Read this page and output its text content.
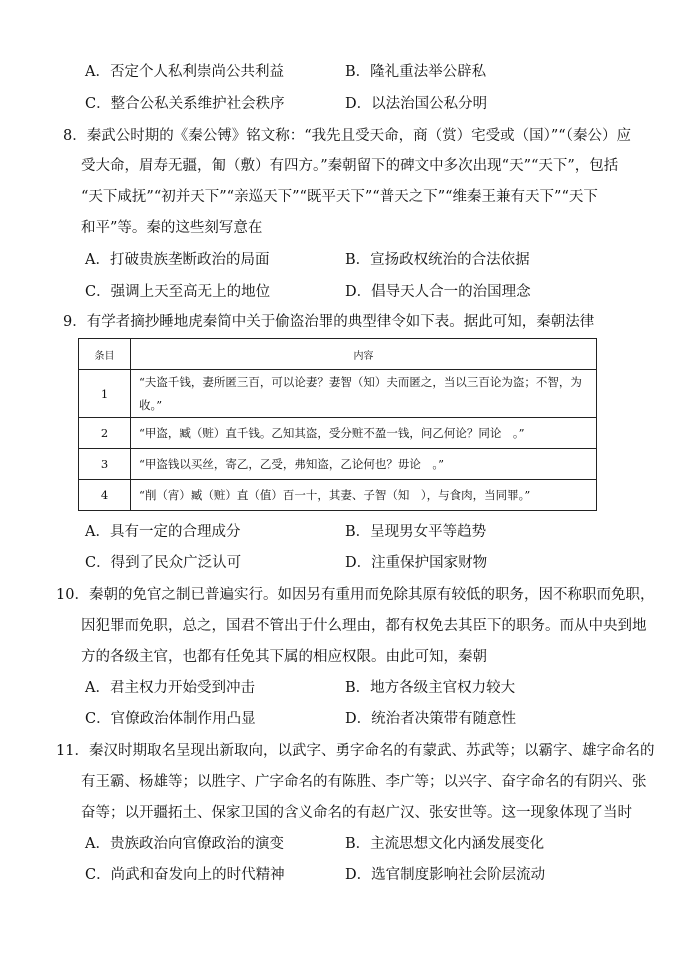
A．否定个人私利崇尚公共利益	B．隆礼重法举公辟私
C．整合公私关系维护社会秩序	D．以法治国公私分明
8．秦武公时期的《秦公镈》铭文称：“我先且受天命，商（赏）宅受或（国）”“（秦公）应
受大命，眉寿无疆，匍（敷）有四方。”秦朝留下的碑文中多次出现“天”“天下”，包括
“天下咸抚”“初并天下”“亲巡天下”“既平天下”“普天之下”“维秦王兼有天下”“天下
和平”等。秦的这些刻写意在
A．打破贵族垄断政治的局面	B．宣扬政权统治的合法依据
C．强调上天至高无上的地位	D．倡导天人合一的治国理念
9．有学者摘抄睡地虎秦简中关于偷盗治罪的典型律令如下表。据此可知，秦朝法律
条目	内容
1	“夫盗千钱，妻所匿三百，可以论妻？妻智（知）夫而匿之，当以三百论为盗；不智，为收。”
2	“甲盗，臧（赃）直千钱。乙知其盗，受分赃不盈一钱，问乙何论？同论　。”
3	“甲盗钱以买丝，寄乙，乙受，弗知盗，乙论何也？毋论　。”
4	“削（宵）臧（赃）直（值）百一十，其妻、子智（知　），与食肉，当同罪。”
A．具有一定的合理成分	B．呈现男女平等趋势
C．得到了民众广泛认可	D．注重保护国家财物
10．秦朝的免官之制已普遍实行。如因另有重用而免除其原有较低的职务，因不称职而免职，
因犯罪而免职，总之，国君不管出于什么理由，都有权免去其臣下的职务。而从中央到地
方的各级主官，也都有任免其下属的相应权限。由此可知，秦朝
A．君主权力开始受到冲击	B．地方各级主官权力较大
C．官僚政治体制作用凸显	D．统治者决策带有随意性
11．秦汉时期取名呈现出新取向，以武字、勇字命名的有蒙武、苏武等；以霸字、雄字命名的
有王霸、杨雄等；以胜字、广字命名的有陈胜、李广等；以兴字、奋字命名的有阴兴、张
奋等；以开疆拓土、保家卫国的含义命名的有赵广汉、张安世等。这一现象体现了当时
A．贵族政治向官僚政治的演变	B．主流思想文化内涵发展变化
C．尚武和奋发向上的时代精神	D．选官制度影响社会阶层流动
